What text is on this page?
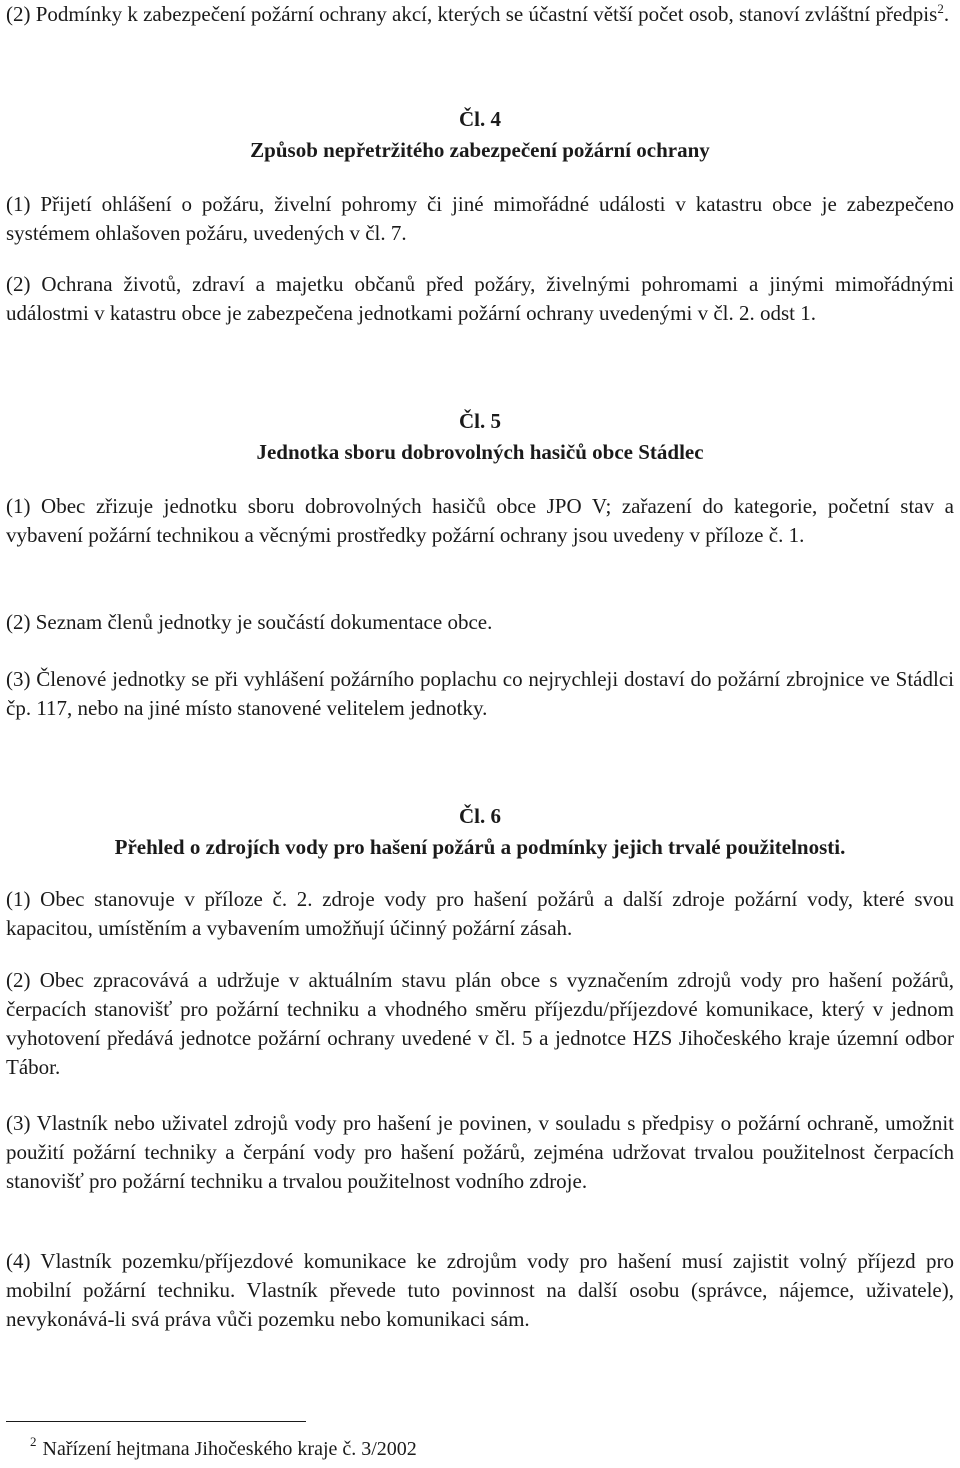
(2) Podmínky k zabezpečení požární ochrany akcí, kterých se účastní větší počet osob, stanoví zvláštní předpis$^2$.

Čl. 4
Způsob nepřetržitého zabezpečení požární ochrany

(1) Přijetí ohlášení o požáru, živelní pohromy či jiné mimořádné události v katastru obce je zabezpečeno systémem ohlašoven požáru, uvedených v čl. 7.

(2) Ochrana životů, zdraví a majetku občanů před požáry, živelnými pohromami a jinými mimořádnými událostmi v katastru obce je zabezpečena jednotkami požární ochrany uvedenými v čl. 2. odst 1.

Čl. 5
Jednotka sboru dobrovolných hasičů obce Stádlec

(1) Obec zřizuje jednotku sboru dobrovolných hasičů obce JPO V; zařazení do kategorie, početní stav a vybavení požární technikou a věcnými prostředky požární ochrany jsou uvedeny v příloze č. 1.

(2) Seznam členů jednotky je součástí dokumentace obce.

(3) Členové jednotky se při vyhlášení požárního poplachu co nejrychleji dostaví do požární zbrojnice ve Stádlci čp. 117, nebo na jiné místo stanovené velitelem jednotky.

Čl. 6
Přehled o zdrojích vody pro hašení požárů a podmínky jejich trvalé použitelnosti.

(1) Obec stanovuje v příloze č. 2. zdroje vody pro hašení požárů a další zdroje požární vody, které svou kapacitou, umístěním a vybavením umožňují účinný požární zásah.

(2) Obec zpracovává a udržuje v aktuálním stavu plán obce s vyznačením zdrojů vody pro hašení požárů, čerpacích stanovišť pro požární techniku a vhodného směru příjezdu/příjezdové komunikace, který v jednom vyhotovení předává jednotce požární ochrany uvedené v čl. 5 a jednotce HZS Jihočeského kraje územní odbor Tábor.

(3) Vlastník nebo uživatel zdrojů vody pro hašení je povinen, v souladu s předpisy o požární ochraně, umožnit použití požární techniky a čerpání vody pro hašení požárů, zejména udržovat trvalou použitelnost čerpacích stanovišť pro požární techniku a trvalou použitelnost vodního zdroje.

(4) Vlastník pozemku/příjezdové komunikace ke zdrojům vody pro hašení musí zajistit volný příjezd pro mobilní požární techniku. Vlastník převede tuto povinnost na další osobu (správce, nájemce, uživatele), nevykonává-li svá práva vůči pozemku nebo komunikaci sám.

$^2$ Nařízení hejtmana Jihočeského kraje č. 3/2002
